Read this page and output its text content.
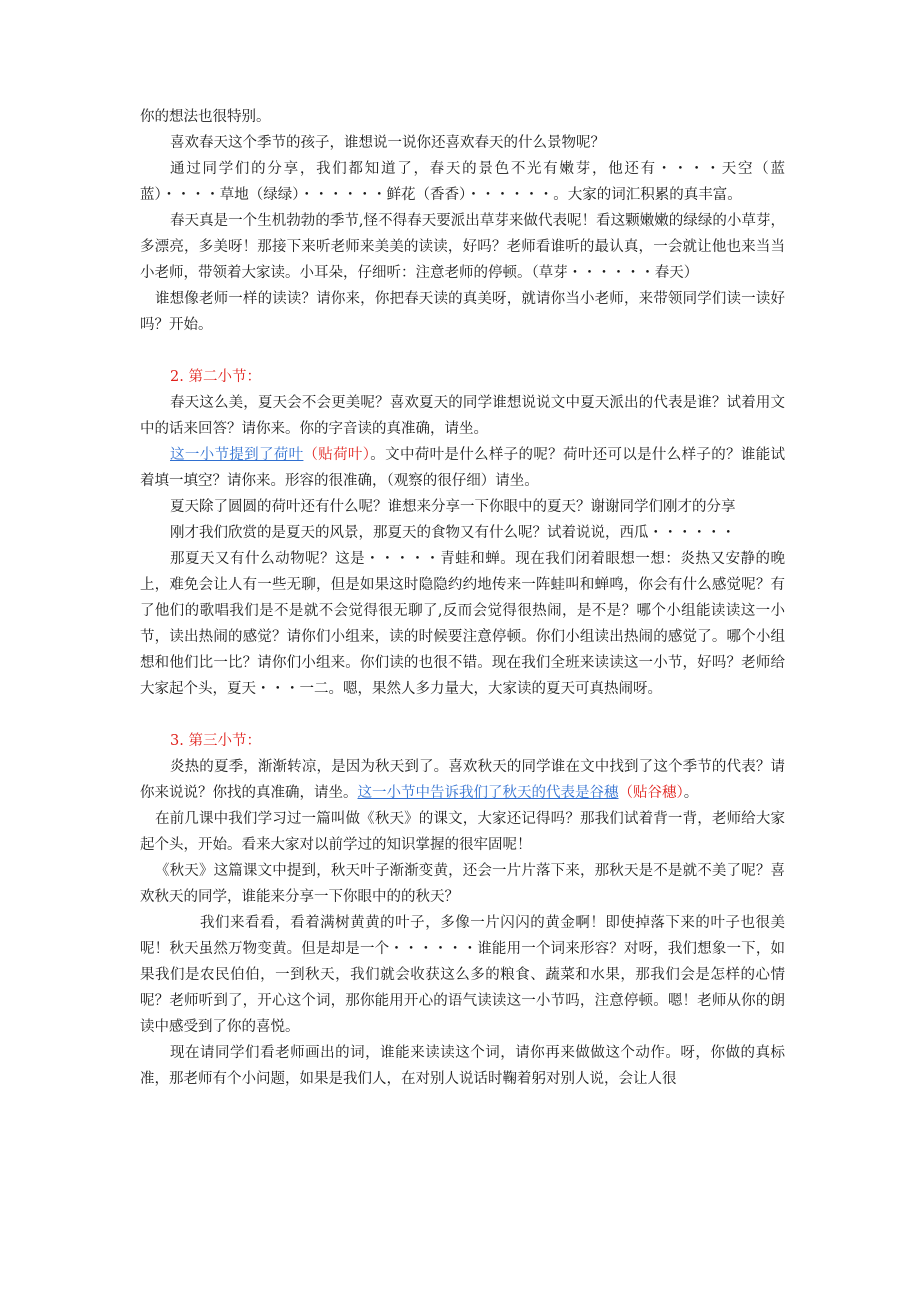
你的想法也很特别。

喜欢春天这个季节的孩子，谁想说一说你还喜欢春天的什么景物呢？

通过同学们的分享，我们都知道了，春天的景色不光有嫩芽，他还有・・・・天空（蓝蓝）・・・・草地（绿绿）・・・・・・鲜花（香香）・・・・・・。大家的词汇积累的真丰富。

春天真是一个生机勃勃的季节,怪不得春天要派出草芽来做代表呢！看这颗嫩嫩的绿绿的小草芽，多漂亮，多美呀！那接下来听老师来美美的读读，好吗？老师看谁听的最认真，一会就让他也来当当小老师，带领着大家读。小耳朵，仔细听：注意老师的停顿。（草芽・・・・・・春天）

谁想像老师一样的读读？请你来，你把春天读的真美呀，就请你当小老师，来带领同学们读一读好吗？开始。

2. 第二小节：

春天这么美，夏天会不会更美呢？喜欢夏天的同学谁想说说文中夏天派出的代表是谁？试着用文中的话来回答？请你来。你的字音读的真准确，请坐。

这一小节提到了荷叶（贴荷叶）。文中荷叶是什么样子的呢？荷叶还可以是什么样子的？谁能试着填一填空？请你来。形容的很准确，（观察的很仔细）请坐。

夏天除了圆圆的荷叶还有什么呢？谁想来分享一下你眼中的夏天？谢谢同学们刚才的分享

刚才我们欣赏的是夏天的风景，那夏天的食物又有什么呢？试着说说，西瓜・・・・・・

那夏天又有什么动物呢？这是・・・・・青蛙和蝉。现在我们闭着眼想一想：炎热又安静的晚上，难免会让人有一些无聊，但是如果这时隐隐约约地传来一阵蛙叫和蝉鸣，你会有什么感觉呢？有了他们的歌唱我们是不是就不会觉得很无聊了,反而会觉得很热闹，是不是？哪个小组能读读这一小节，读出热闹的感觉？请你们小组来，读的时候要注意停顿。你们小组读出热闹的感觉了。哪个小组想和他们比一比？请你们小组来。你们读的也很不错。现在我们全班来读读这一小节，好吗？老师给大家起个头，夏天・・・一二。嗯，果然人多力量大，大家读的夏天可真热闹呀。

3. 第三小节：

炎热的夏季，渐渐转凉，是因为秋天到了。喜欢秋天的同学谁在文中找到了这个季节的代表？请你来说说？你找的真准确，请坐。这一小节中告诉我们了秋天的代表是谷穗（贴谷穗）。

在前几课中我们学习过一篇叫做《秋天》的课文，大家还记得吗？那我们试着背一背，老师给大家起个头，开始。看来大家对以前学过的知识掌握的很牢固呢！

《秋天》这篇课文中提到，秋天叶子渐渐变黄，还会一片片落下来，那秋天是不是就不美了呢？喜欢秋天的同学，谁能来分享一下你眼中的的秋天？

我们来看看，看着满树黄黄的叶子，多像一片闪闪的黄金啊！即使掉落下来的叶子也很美呢！秋天虽然万物变黄。但是却是一个・・・・・・谁能用一个词来形容？对呀，我们想象一下，如果我们是农民伯伯，一到秋天，我们就会收获这么多的粮食、蔬菜和水果，那我们会是怎样的心情呢？老师听到了，开心这个词，那你能用开心的语气读读这一小节吗，注意停顿。嗯！老师从你的朗读中感受到了你的喜悦。

现在请同学们看老师画出的词，谁能来读读这个词，请你再来做做这个动作。呀，你做的真标准，那老师有个小问题，如果是我们人，在对别人说话时鞠着躬对别人说，会让人很
